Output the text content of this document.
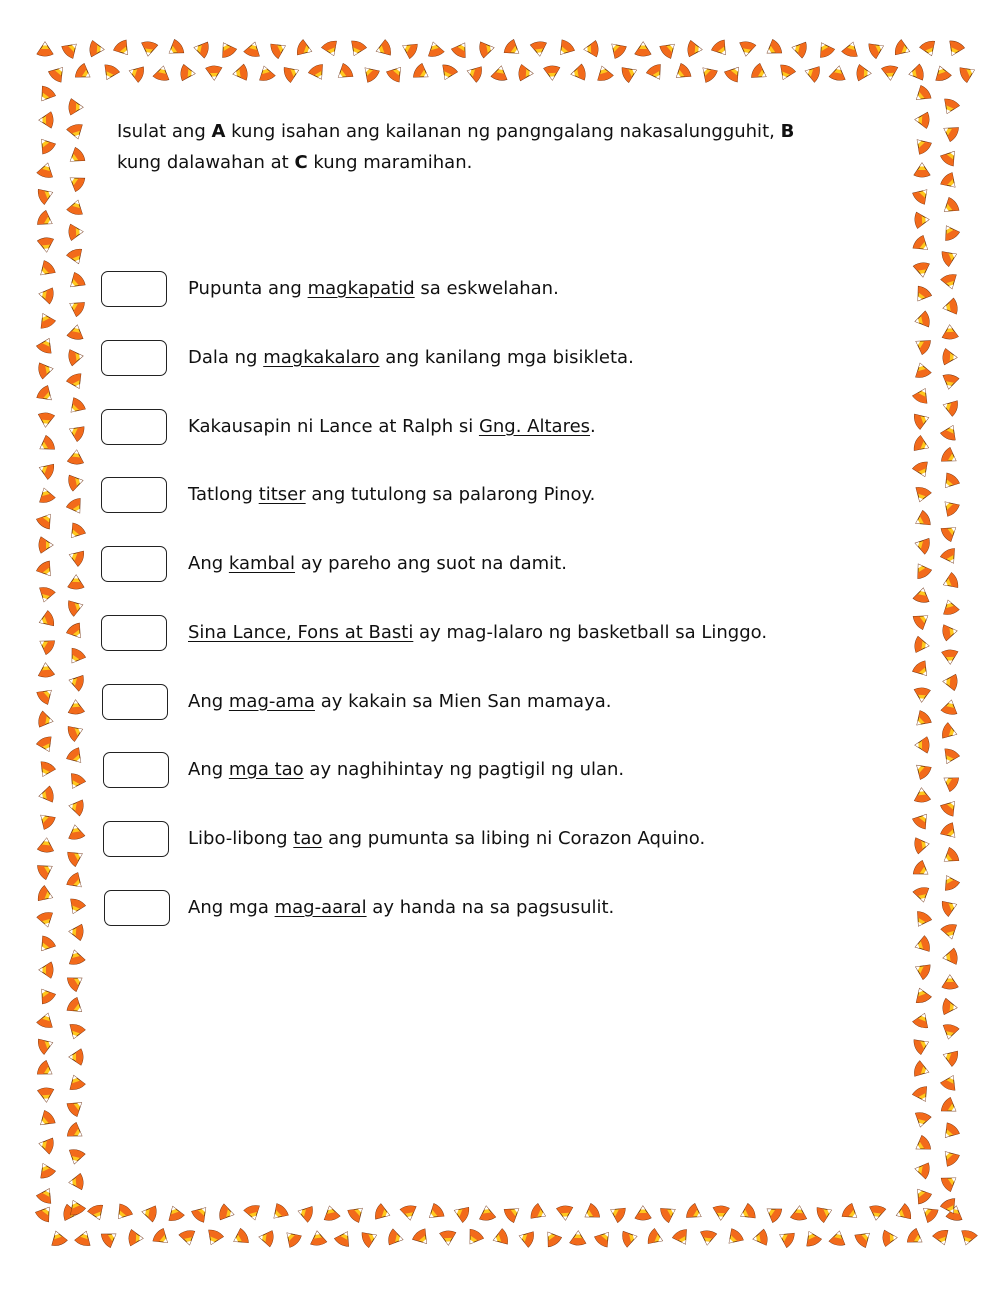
Isulat ang A kung isahan ang kailanan ng pangngalang nakasalungguhit, B kung dalawahan at C kung maramihan.
Pupunta ang magkapatid sa eskwelahan.
Dala ng magkakalaro ang kanilang mga bisikleta.
Kakausapin ni Lance at Ralph si Gng. Altares.
Tatlong titser ang tutulong sa palarong Pinoy.
Ang kambal ay pareho ang suot na damit.
Sina Lance, Fons at Basti ay mag-lalaro ng basketball sa Linggo.
Ang mag-ama ay kakain sa Mien San mamaya.
Ang mga tao ay naghihintay ng pagtigil ng ulan.
Libo-libong tao ang pumunta sa libing ni Corazon Aquino.
Ang mga mag-aaral ay handa na sa pagsusulit.
